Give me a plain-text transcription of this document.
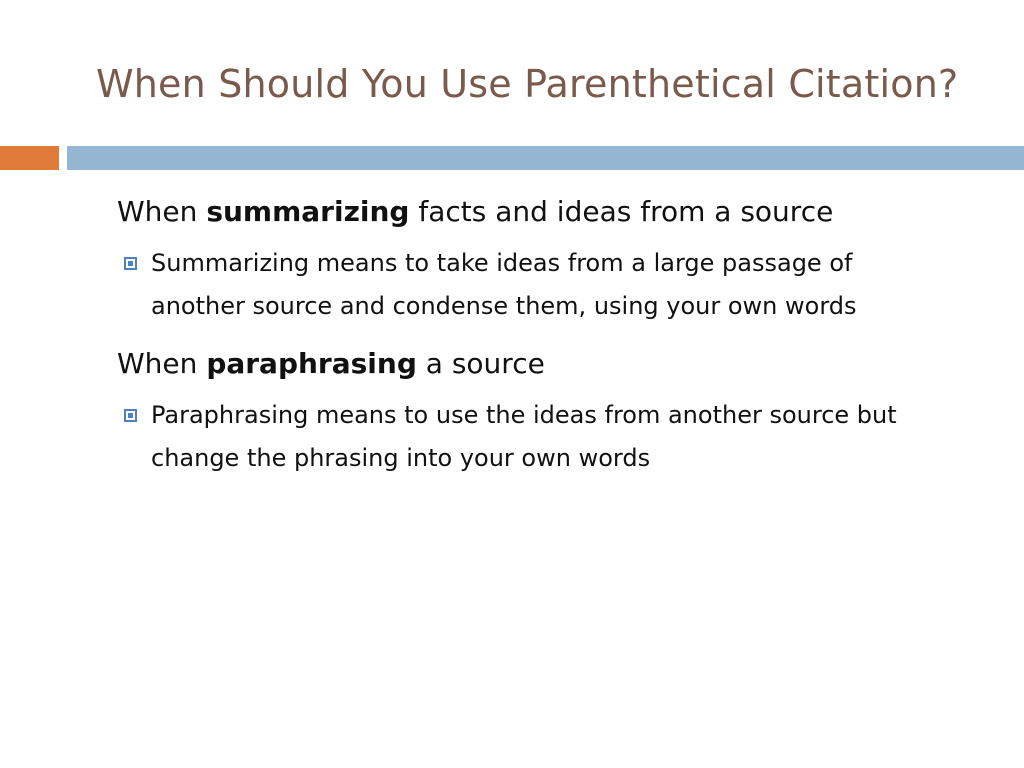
When Should You Use Parenthetical Citation?

When summarizing facts and ideas from a source

Summarizing means to take ideas from a large passage of another source and condense them, using your own words

When paraphrasing a source

Paraphrasing means to use the ideas from another source but change the phrasing into your own words
